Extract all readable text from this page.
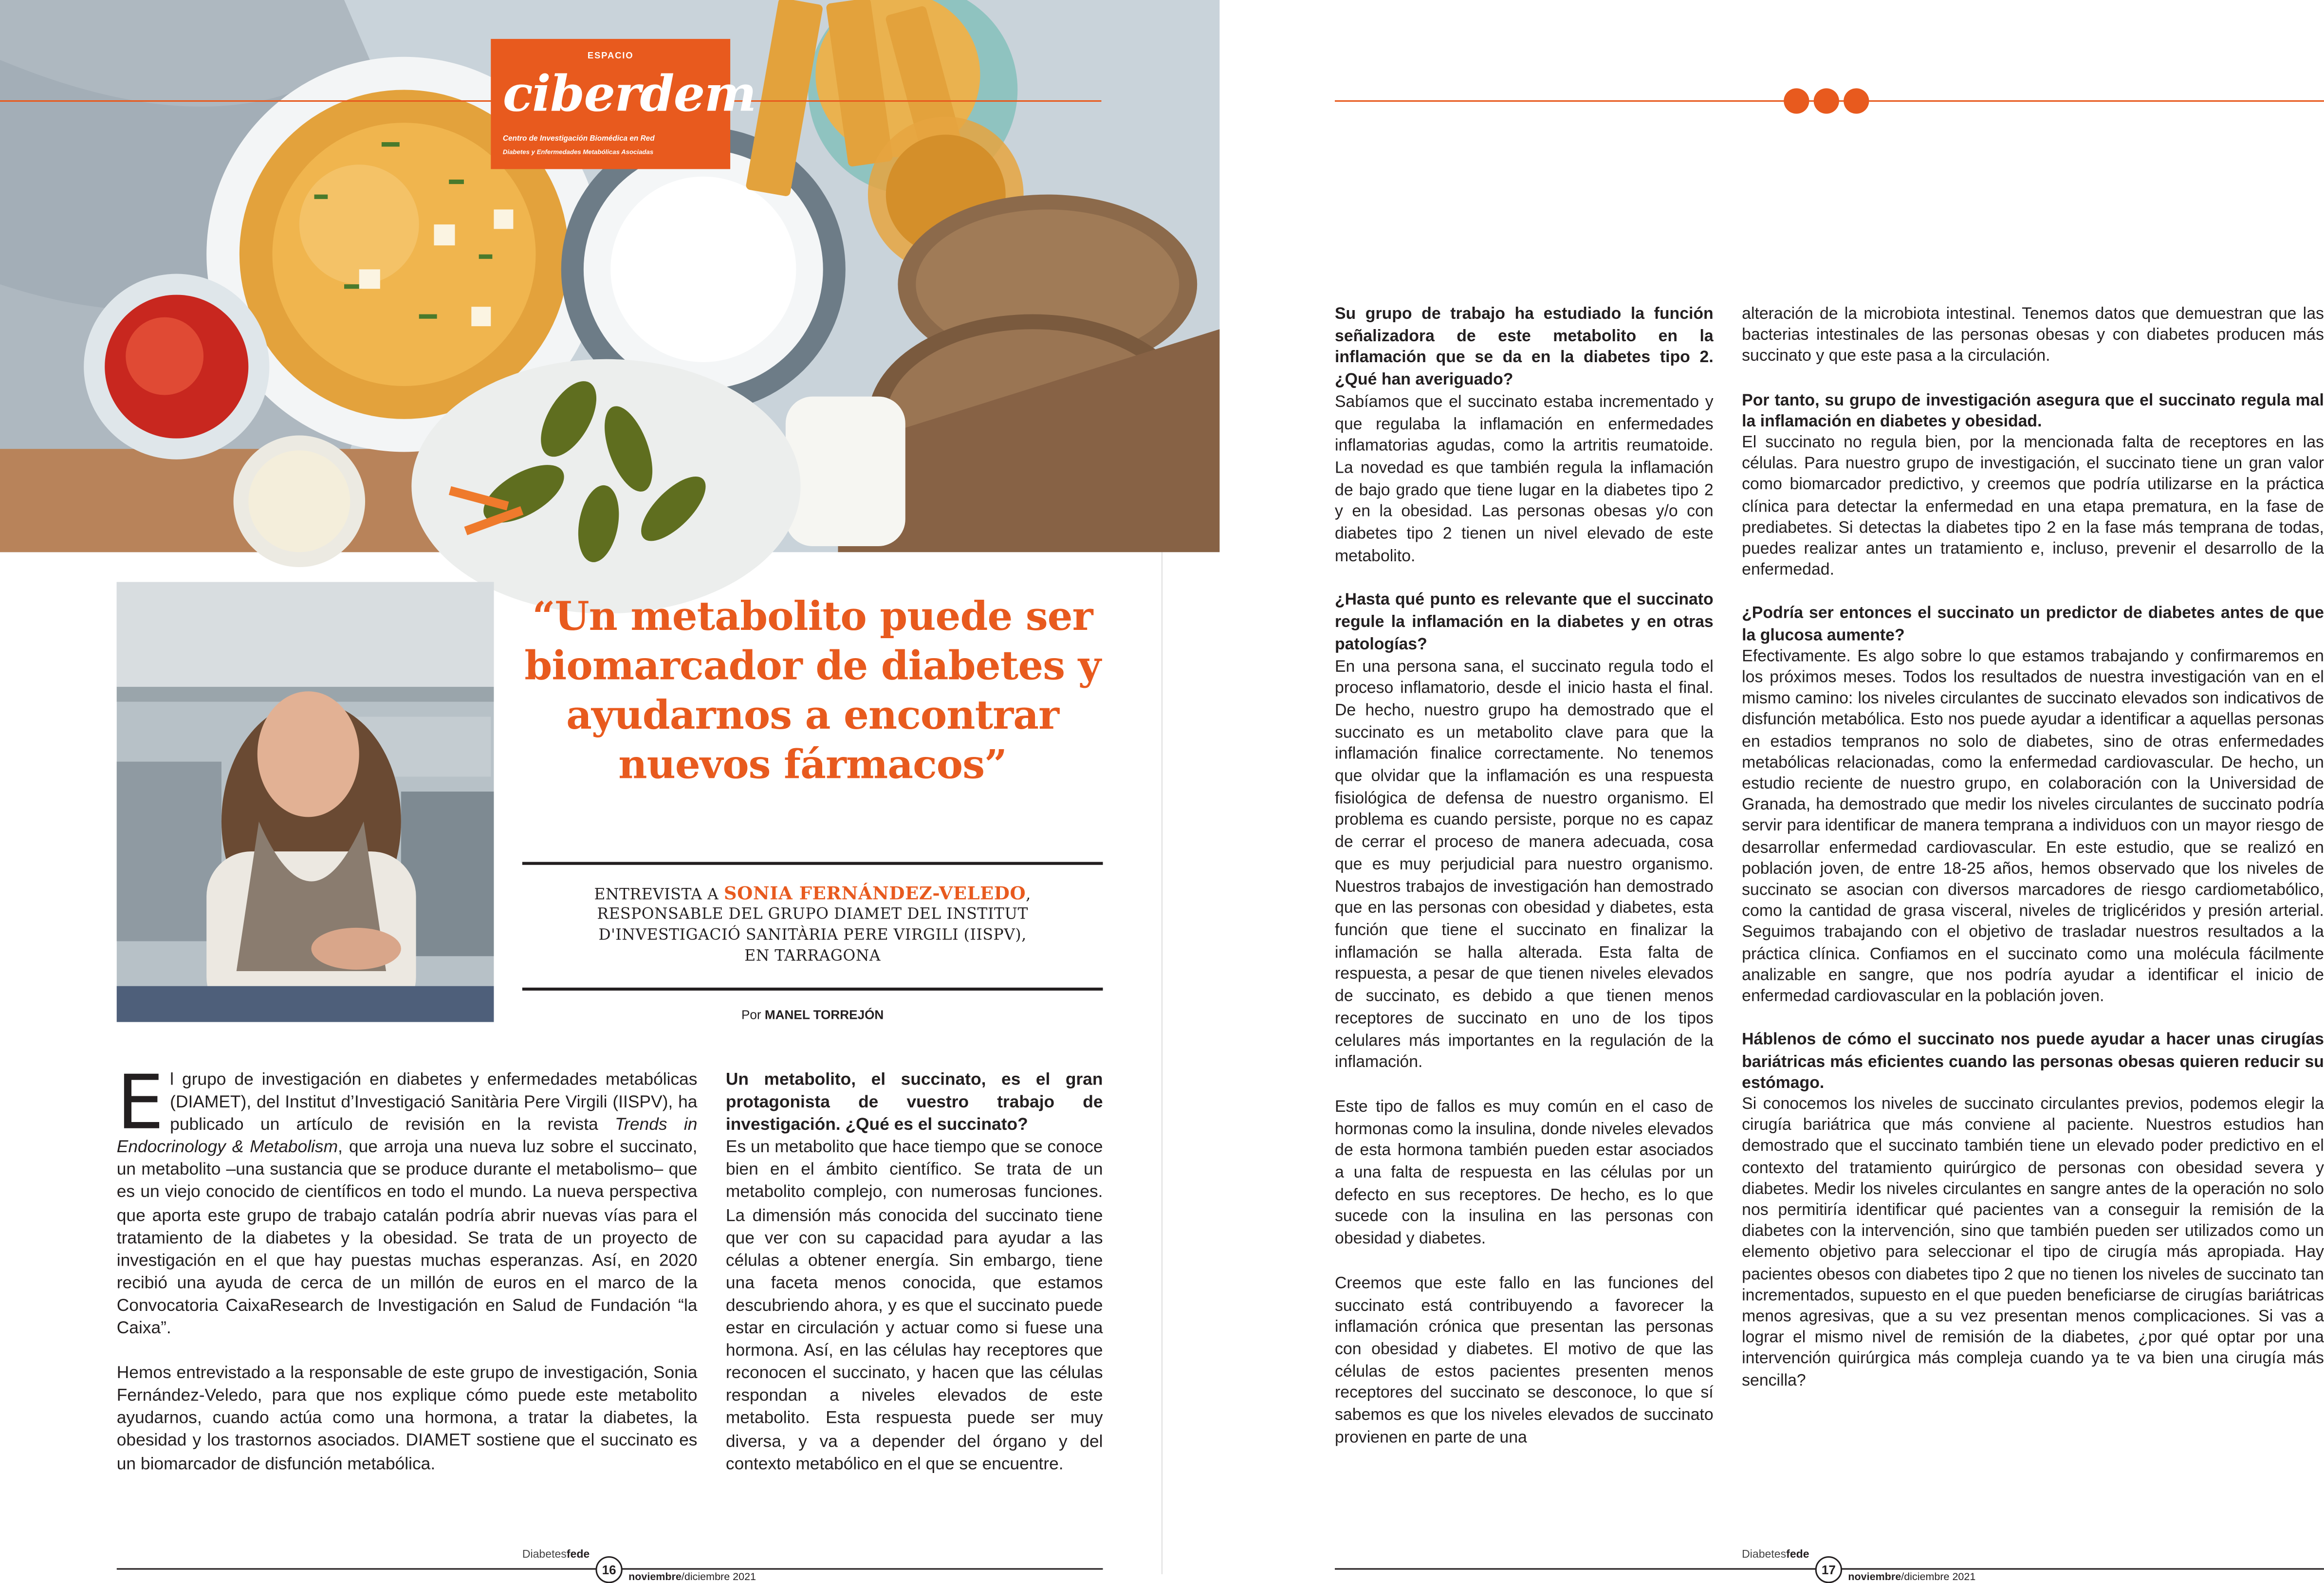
ESPACIO
ciberdem
Centro de Investigación Biomédica en Red
Diabetes y Enfermedades Metabólicas Asociadas
“Un metabolito puede ser biomarcador de diabetes y ayudarnos a encontrar nuevos fármacos”
ENTREVISTA A SONIA FERNÁNDEZ-VELEDO,
RESPONSABLE DEL GRUPO DIAMET DEL INSTITUT
D'INVESTIGACIÓ SANITÀRIA PERE VIRGILI (IISPV),
EN TARRAGONA
Por MANEL TORREJÓN

E l grupo de investigación en diabetes y enfermedades metabólicas (DIAMET), del Institut d’Investigació Sanitària Pere Virgili (IISPV), ha publicado un artículo de revisión en la revista Trends in Endocrinology & Metabolism, que arroja una nueva luz sobre el succinato, un metabolito –una sustancia que se produce durante el metabolismo– que es un viejo conocido de científicos en todo el mundo. La nueva perspectiva que aporta este grupo de trabajo catalán podría abrir nuevas vías para el tratamiento de la diabetes y la obesidad. Se trata de un proyecto de investigación en el que hay puestas muchas esperanzas. Así, en 2020 recibió una ayuda de cerca de un millón de euros en el marco de la Convocatoria CaixaResearch de Investigación en Salud de Fundación “la Caixa”.

Hemos entrevistado a la responsable de este grupo de investigación, Sonia Fernández-Veledo, para que nos explique cómo puede este metabolito ayudarnos, cuando actúa como una hormona, a tratar la diabetes, la obesidad y los trastornos asociados. DIAMET sostiene que el succinato es un biomarcador de disfunción metabólica.

Un metabolito, el succinato, es el gran protagonista de vuestro trabajo de investigación. ¿Qué es el succinato?

Es un metabolito que hace tiempo que se conoce bien en el ámbito científico. Se trata de un metabolito complejo, con numerosas funciones. La dimensión más conocida del succinato tiene que ver con su capacidad para ayudar a las células a obtener energía. Sin embargo, tiene una faceta menos conocida, que estamos descubriendo ahora, y es que el succinato puede estar en circulación y actuar como si fuese una hormona. Así, en las células hay receptores que reconocen el succinato, y hacen que las células respondan a niveles elevados de este metabolito. Esta respuesta puede ser muy diversa, y va a depender del órgano y del contexto metabólico en el que se encuentre.

Su grupo de trabajo ha estudiado la función señalizadora de este metabolito en la inflamación que se da en la diabetes tipo 2. ¿Qué han averiguado?

Sabíamos que el succinato estaba incrementado y que regulaba la inflamación en enfermedades inflamatorias agudas, como la artritis reumatoide. La novedad es que también regula la inflamación de bajo grado que tiene lugar en la diabetes tipo 2 y en la obesidad. Las personas obesas y/o con diabetes tipo 2 tienen un nivel elevado de este metabolito.

¿Hasta qué punto es relevante que el succinato regule la inflamación en la diabetes y en otras patologías?

En una persona sana, el succinato regula todo el proceso inflamatorio, desde el inicio hasta el final. De hecho, nuestro grupo ha demostrado que el succinato es un metabolito clave para que la inflamación finalice correctamente. No tenemos que olvidar que la inflamación es una respuesta fisiológica de defensa de nuestro organismo. El problema es cuando persiste, porque no es capaz de cerrar el proceso de manera adecuada, cosa que es muy perjudicial para nuestro organismo. Nuestros trabajos de investigación han demostrado que en las personas con obesidad y diabetes, esta función que tiene el succinato en finalizar la inflamación se halla alterada. Esta falta de respuesta, a pesar de que tienen niveles elevados de succinato, es debido a que tienen menos receptores de succinato en uno de los tipos celulares más importantes en la regulación de la inflamación.

Este tipo de fallos es muy común en el caso de hormonas como la insulina, donde niveles elevados de esta hormona también pueden estar asociados a una falta de respuesta en las células por un defecto en sus receptores. De hecho, es lo que sucede con la insulina en las personas con obesidad y diabetes.

Creemos que este fallo en las funciones del succinato está contribuyendo a favorecer la inflamación crónica que presentan las personas con obesidad y diabetes. El motivo de que las células de estos pacientes presenten menos receptores del succinato se desconoce, lo que sí sabemos es que los niveles elevados de succinato provienen en parte de una

alteración de la microbiota intestinal. Tenemos datos que demuestran que las bacterias intestinales de las personas obesas y con diabetes producen más succinato y que este pasa a la circulación.

Por tanto, su grupo de investigación asegura que el succinato regula mal la inflamación en diabetes y obesidad.

El succinato no regula bien, por la mencionada falta de receptores en las células. Para nuestro grupo de investigación, el succinato tiene un gran valor como biomarcador predictivo, y creemos que podría utilizarse en la práctica clínica para detectar la enfermedad en una etapa prematura, en la fase de prediabetes. Si detectas la diabetes tipo 2 en la fase más temprana de todas, puedes realizar antes un tratamiento e, incluso, prevenir el desarrollo de la enfermedad.

¿Podría ser entonces el succinato un predictor de diabetes antes de que la glucosa aumente?

Efectivamente. Es algo sobre lo que estamos trabajando y confirmaremos en los próximos meses. Todos los resultados de nuestra investigación van en el mismo camino: los niveles circulantes de succinato elevados son indicativos de disfunción metabólica. Esto nos puede ayudar a identificar a aquellas personas en estadios tempranos no solo de diabetes, sino de otras enfermedades metabólicas relacionadas, como la enfermedad cardiovascular. De hecho, un estudio reciente de nuestro grupo, en colaboración con la Universidad de Granada, ha demostrado que medir los niveles circulantes de succinato podría servir para identificar de manera temprana a individuos con un mayor riesgo de desarrollar enfermedad cardiovascular. En este estudio, que se realizó en población joven, de entre 18-25 años, hemos observado que los niveles de succinato se asocian con diversos marcadores de riesgo cardiometabólico, como la cantidad de grasa visceral, niveles de triglicéridos y presión arterial. Seguimos trabajando con el objetivo de trasladar nuestros resultados a la práctica clínica. Confiamos en el succinato como una molécula fácilmente analizable en sangre, que nos podría ayudar a identificar el inicio de enfermedad cardiovascular en la población joven.

Háblenos de cómo el succinato nos puede ayudar a hacer unas cirugías bariátricas más eficientes cuando las personas obesas quieren reducir su estómago.

Si conocemos los niveles de succinato circulantes previos, podemos elegir la cirugía bariátrica que más conviene al paciente. Nuestros estudios han demostrado que el succinato también tiene un elevado poder predictivo en el contexto del tratamiento quirúrgico de personas con obesidad severa y diabetes. Medir los niveles circulantes en sangre antes de la operación no solo nos permitiría identificar qué pacientes van a conseguir la remisión de la diabetes con la intervención, sino que también pueden ser utilizados como un elemento objetivo para seleccionar el tipo de cirugía más apropiada. Hay pacientes obesos con diabetes tipo 2 que no tienen los niveles de succinato tan incrementados, supuesto en el que pueden beneficiarse de cirugías bariátricas menos agresivas, que a su vez presentan menos complicaciones. Si vas a lograr el mismo nivel de remisión de la diabetes, ¿por qué optar por una intervención quirúrgica más compleja cuando ya te va bien una cirugía más sencilla?

Diabetesfede
16
noviembre/diciembre 2021
Diabetesfede
17
noviembre/diciembre 2021
